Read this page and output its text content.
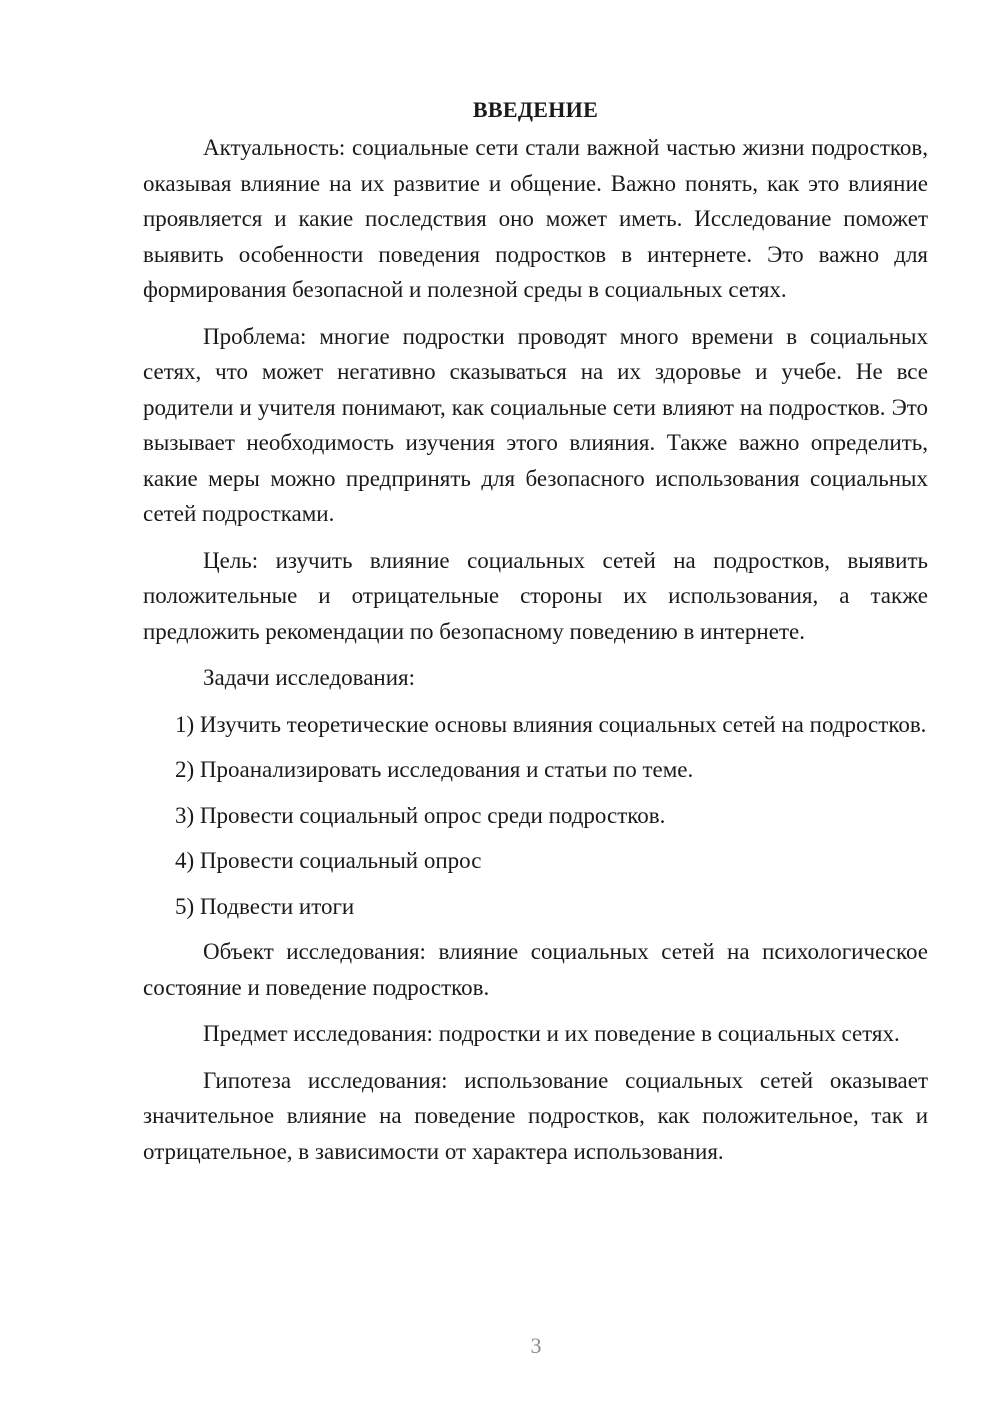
ВВЕДЕНИЕ

Актуальность: социальные сети стали важной частью жизни подростков, оказывая влияние на их развитие и общение. Важно понять, как это влияние проявляется и какие последствия оно может иметь. Исследование поможет выявить особенности поведения подростков в интернете. Это важно для формирования безопасной и полезной среды в социальных сетях.

Проблема: многие подростки проводят много времени в социальных сетях, что может негативно сказываться на их здоровье и учебе. Не все родители и учителя понимают, как социальные сети влияют на подростков. Это вызывает необходимость изучения этого влияния. Также важно определить, какие меры можно предпринять для безопасного использования социальных сетей подростками.

Цель: изучить влияние социальных сетей на подростков, выявить положительные и отрицательные стороны их использования, а также предложить рекомендации по безопасному поведению в интернете.

Задачи исследования:

1) Изучить теоретические основы влияния социальных сетей на подростков.

2) Проанализировать исследования и статьи по теме.

3) Провести социальный опрос среди подростков.

4) Провести социальный опрос

5) Подвести итоги

Объект исследования: влияние социальных сетей на психологическое состояние и поведение подростков.

Предмет исследования: подростки и их поведение в социальных сетях.

Гипотеза исследования: использование социальных сетей оказывает значительное влияние на поведение подростков, как положительное, так и отрицательное, в зависимости от характера использования.

3
